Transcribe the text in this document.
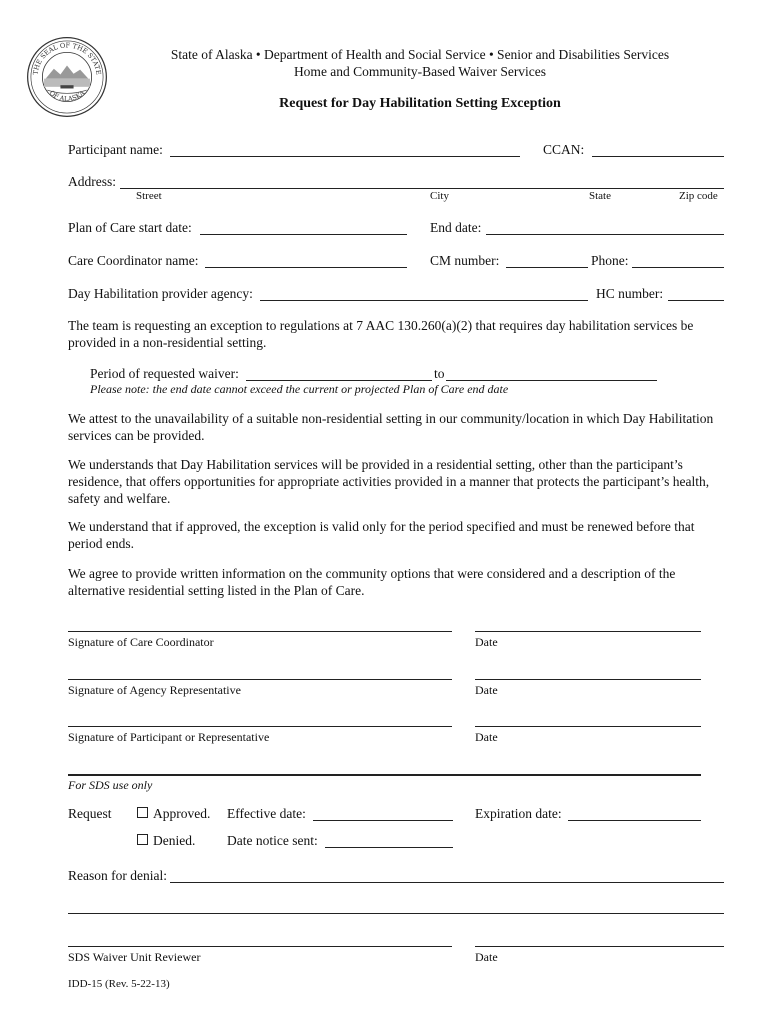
THE SEAL OF THE STATE
OF ALASKA
State of Alaska • Department of Health and Social Service • Senior and Disabilities Services
Home and Community-Based Waiver Services
Request for Day Habilitation Setting Exception
Participant name:	CCAN:
Address:
Street	City	State	Zip code
Plan of Care start date:	End date:
Care Coordinator name:	CM number:	Phone:
Day Habilitation provider agency:	HC number:
The team is requesting an exception to regulations at 7 AAC 130.260(a)(2) that requires day habilitation services be provided in a non-residential setting.
Period of requested waiver:	to
Please note: the end date cannot exceed the current or projected Plan of Care end date
We attest to the unavailability of a suitable non-residential setting in our community/location in which Day Habilitation services can be provided.
We understands that Day Habilitation services will be provided in a residential setting, other than the participant’s residence, that offers opportunities for appropriate activities provided in a manner that protects the participant’s health, safety and welfare.
We understand that if approved, the exception is valid only for the period specified and must be renewed before that period ends.
We agree to provide written information on the community options that were considered and a description of the alternative residential setting listed in the Plan of Care.
Signature of Care Coordinator	Date
Signature of Agency Representative	Date
Signature of Participant or Representative	Date
For SDS use only
Request	Approved. Effective date:	Expiration date:
Denied. Date notice sent:
Reason for denial:
SDS Waiver Unit Reviewer	Date
IDD-15 (Rev. 5-22-13)
